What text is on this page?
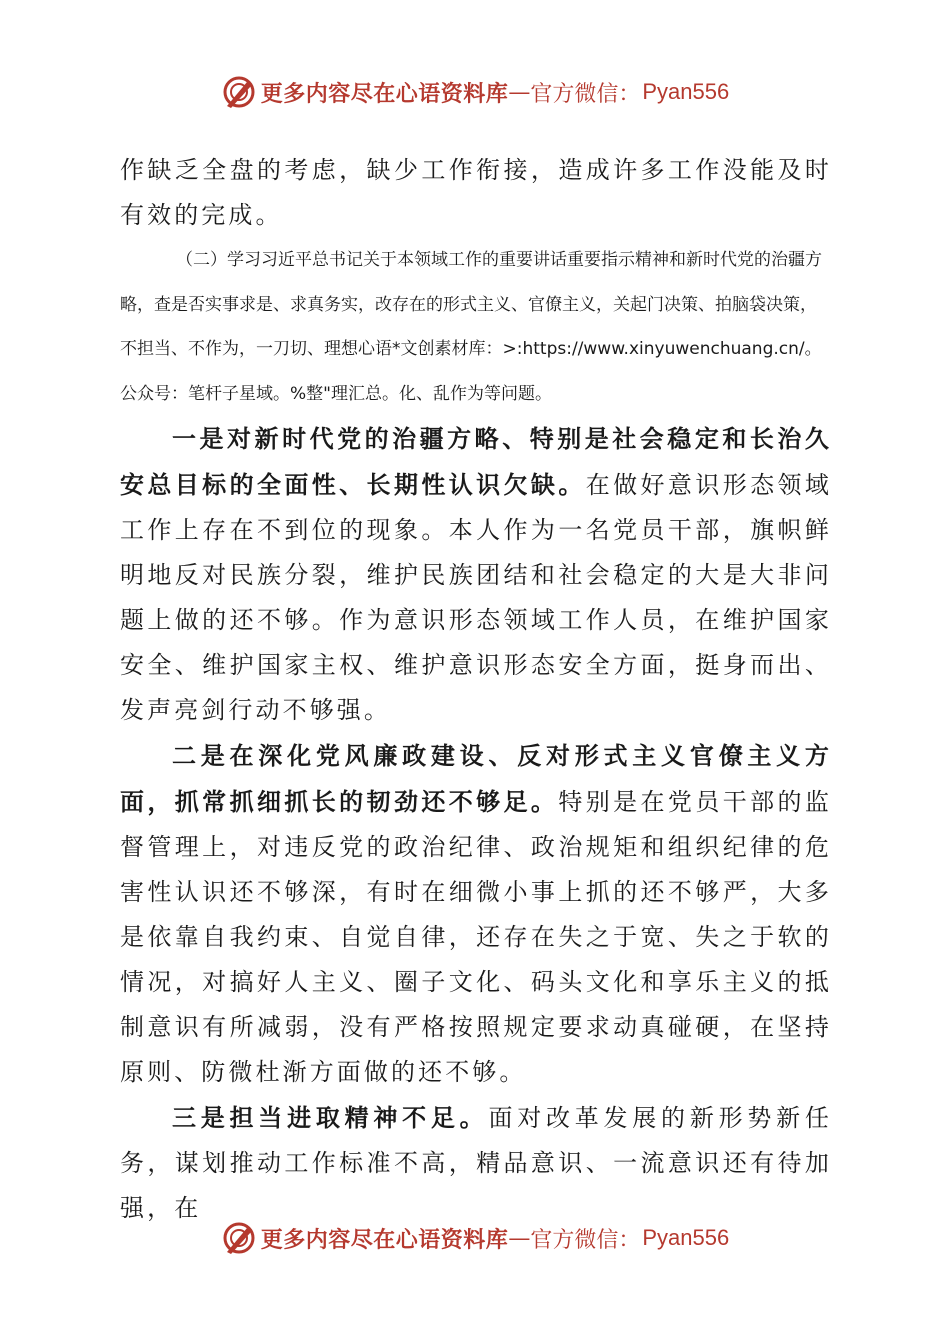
更多内容尽在心语资料库 — 官方微信： Pyan556

作缺乏全盘的考虑，缺少工作衔接，造成许多工作没能及时有效的完成。

（二）学习习近平总书记关于本领域工作的重要讲话重要指示精神和新时代党的治疆方略，查是否实事求是、求真务实，改存在的形式主义、官僚主义，关起门决策、拍脑袋决策，不担当、不作为，一刀切、理想心语*文创素材库：>:https://www.xinyuwenchuang.cn/。公众号：笔杆子星域。%整"理汇总。化、乱作为等问题。

一是对新时代党的治疆方略、特别是社会稳定和长治久安总目标的全面性、长期性认识欠缺。在做好意识形态领域工作上存在不到位的现象。本人作为一名党员干部，旗帜鲜明地反对民族分裂，维护民族团结和社会稳定的大是大非问题上做的还不够。作为意识形态领域工作人员，在维护国家安全、维护国家主权、维护意识形态安全方面，挺身而出、发声亮剑行动不够强。

二是在深化党风廉政建设、反对形式主义官僚主义方面，抓常抓细抓长的韧劲还不够足。特别是在党员干部的监督管理上，对违反党的政治纪律、政治规矩和组织纪律的危害性认识还不够深，有时在细微小事上抓的还不够严，大多是依靠自我约束、自觉自律，还存在失之于宽、失之于软的情况，对搞好人主义、圈子文化、码头文化和享乐主义的抵制意识有所减弱，没有严格按照规定要求动真碰硬，在坚持原则、防微杜渐方面做的还不够。

三是担当进取精神不足。面对改革发展的新形势新任务，谋划推动工作标准不高，精品意识、一流意识还有待加强，在

更多内容尽在心语资料库 — 官方微信： Pyan556
